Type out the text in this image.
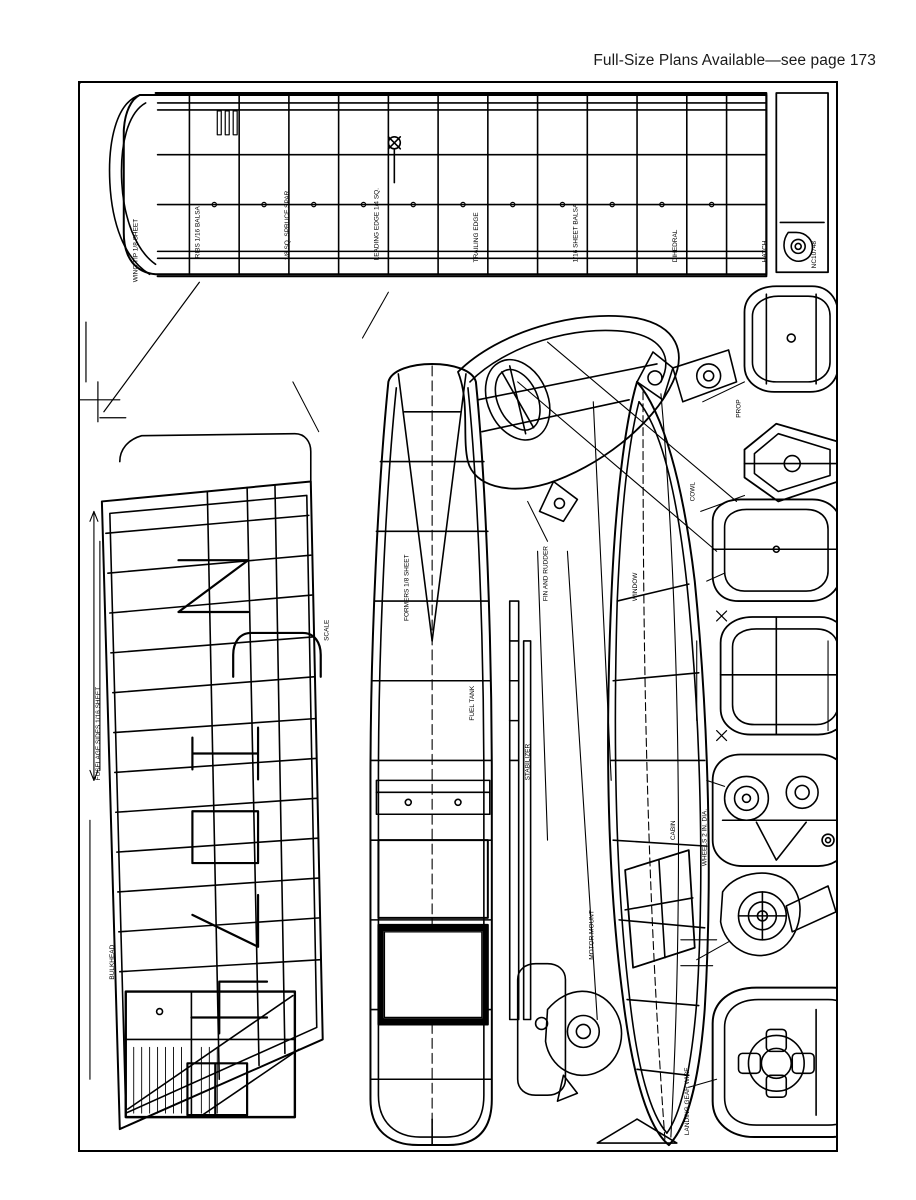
Full-Size Plans Available—see page 173
WING TIP 1/8 SHEET	RIBS 1/16 BALSA	1/8 SQ. SPRUCE SPAR	LEADING EDGE 1/4 SQ.	TRAILING EDGE	1/16 SHEET BALSA	DIHEDRAL	HATCH
FUSELAGE SIDES 1/16 SHEET
BULKHEAD
SCALE
FORMERS 1/8 SHEET
FUEL TANK
STABILIZER
FIN AND RUDDER
MOTOR MOUNT
WINDOW
CABIN
COWL
PROP
WHEELS 2 IN. DIA.
LANDING GEAR WIRE
NC10748
